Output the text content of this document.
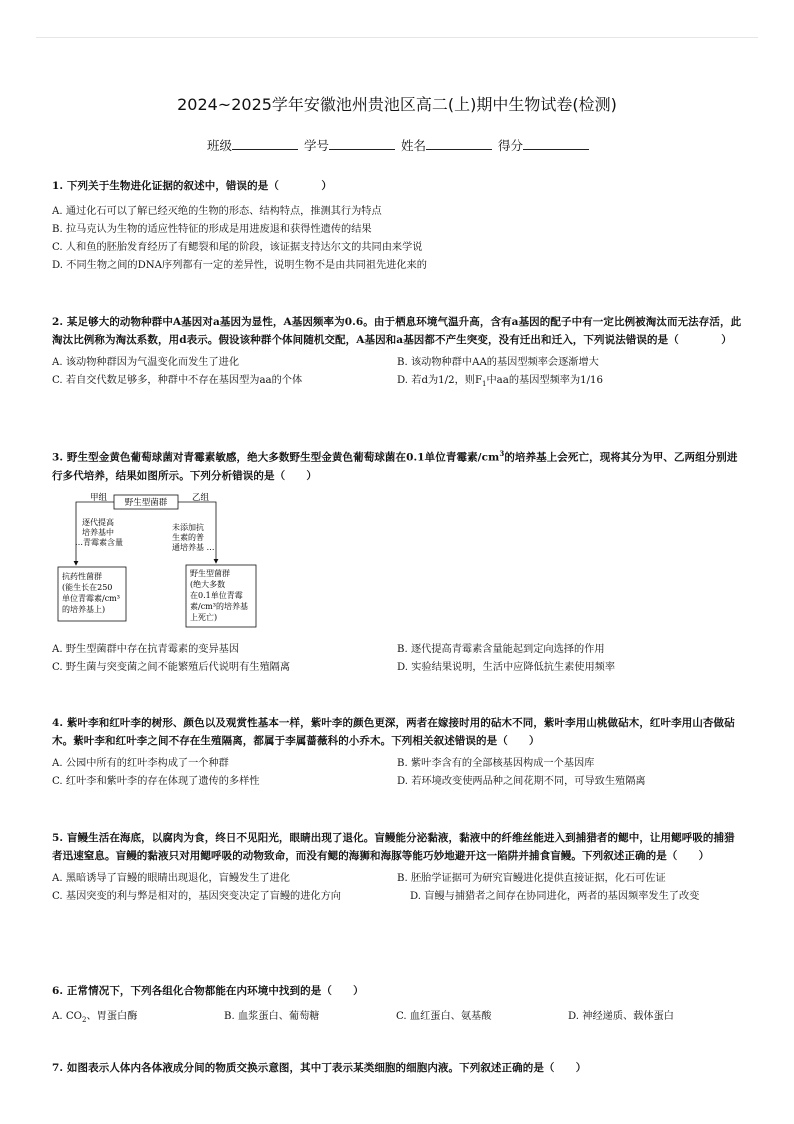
2024~2025学年安徽池州贵池区高二(上)期中生物试卷(检测)
班级	学号	姓名	得分
1. 下列关于生物进化证据的叙述中，错误的是（　　　　）
A. 通过化石可以了解已经灭绝的生物的形态、结构特点，推测其行为特点
B. 拉马克认为生物的适应性特征的形成是用进废退和获得性遗传的结果
C. 人和鱼的胚胎发育经历了有鳃裂和尾的阶段，该证据支持达尔文的共同由来学说
D. 不同生物之间的DNA序列都有一定的差异性，说明生物不是由共同祖先进化来的
2. 某足够大的动物种群中A基因对a基因为显性，A基因频率为0.6。由于栖息环境气温升高，含有a基因的配子中有一定比例被淘汰而无法存活，此淘汰比例称为淘汰系数，用d表示。假设该种群个体间随机交配，A基因和a基因都不产生突变，没有迁出和迁入，下列说法错误的是（　　　　）
A. 该动物种群因为气温变化而发生了进化	B. 该动物种群中AA的基因型频率会逐渐增大
C. 若自交代数足够多，种群中不存在基因型为aa的个体	D. 若d为1/2，则$F_1$中aa的基因型频率为1/16
3. 野生型金黄色葡萄球菌对青霉素敏感，绝大多数野生型金黄色葡萄球菌在0.1单位青霉素$/cm^3$的培养基上会死亡，现将其分为甲、乙两组分别进行多代培养，结果如图所示。下列分析错误的是（　　）
甲组	乙组
野生型菌群
逐代提高
培养基中
…青霉素含量
未添加抗
生素的普
通培养基 …
抗药性菌群
(能生长在250
单位青霉素/cm³
的培养基上)
野生型菌群
(绝大多数
在0.1单位青霉
素/cm³的培养基
上死亡)
A. 野生型菌群中存在抗青霉素的变异基因	B. 逐代提高青霉素含量能起到定向选择的作用
C. 野生菌与突变菌之间不能繁殖后代说明有生殖隔离	D. 实验结果说明，生活中应降低抗生素使用频率
4. 紫叶李和红叶李的树形、颜色以及观赏性基本一样，紫叶李的颜色更深，两者在嫁接时用的砧木不同，紫叶李用山桃做砧木，红叶李用山杏做砧木。紫叶李和红叶李之间不存在生殖隔离，都属于李属蔷薇科的小乔木。下列相关叙述错误的是（　　）
A. 公园中所有的红叶李构成了一个种群	B. 紫叶李含有的全部核基因构成一个基因库
C. 红叶李和紫叶李的存在体现了遗传的多样性	D. 若环境改变使两品种之间花期不同，可导致生殖隔离
5. 盲鳗生活在海底，以腐肉为食，终日不见阳光，眼睛出现了退化。盲鳗能分泌黏液，黏液中的纤维丝能进入到捕猎者的鳃中，让用鳃呼吸的捕猎者迅速窒息。盲鳗的黏液只对用鳃呼吸的动物致命，而没有鳃的海狮和海豚等能巧妙地避开这一陷阱并捕食盲鳗。下列叙述正确的是（　　）
A. 黑暗诱导了盲鳗的眼睛出现退化，盲鳗发生了进化	B. 胚胎学证据可为研究盲鳗进化提供直接证据，化石可佐证
C. 基因突变的利与弊是相对的，基因突变决定了盲鳗的进化方向	D. 盲鳗与捕猎者之间存在协同进化，两者的基因频率发生了改变
6. 正常情况下，下列各组化合物都能在内环境中找到的是（　　）
A. $CO_2$、胃蛋白酶	B. 血浆蛋白、葡萄糖	C. 血红蛋白、氨基酸	D. 神经递质、载体蛋白
7. 如图表示人体内各体液成分间的物质交换示意图，其中丁表示某类细胞的细胞内液。下列叙述正确的是（　　）
